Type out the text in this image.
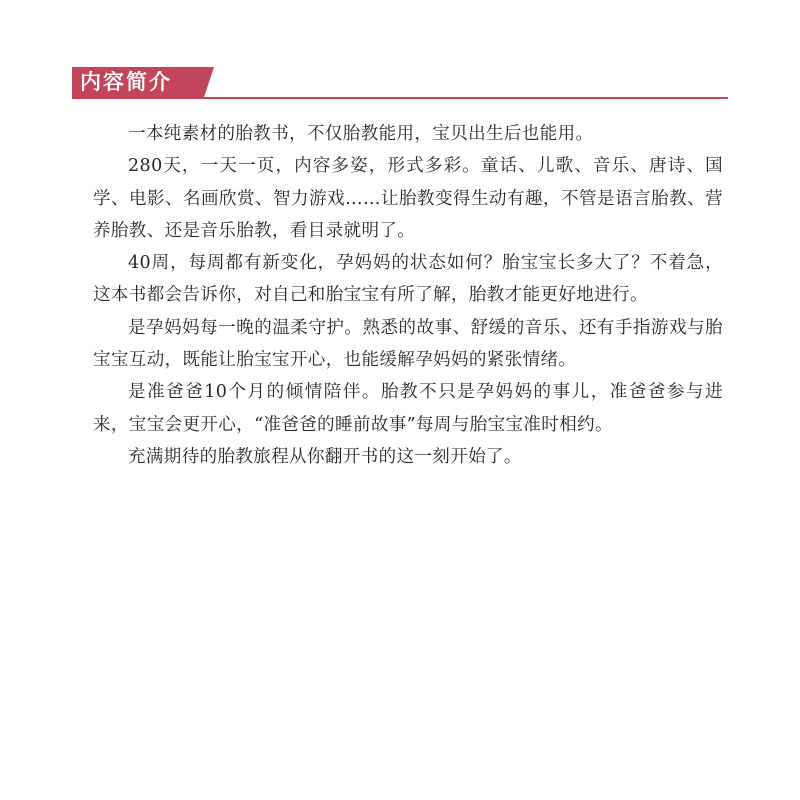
内容简介

一本纯素材的胎教书，不仅胎教能用，宝贝出生后也能用。

280天，一天一页，内容多姿，形式多彩。童话、儿歌、音乐、唐诗、国学、电影、名画欣赏、智力游戏……让胎教变得生动有趣，不管是语言胎教、营养胎教、还是音乐胎教，看目录就明了。

40周，每周都有新变化，孕妈妈的状态如何？胎宝宝长多大了？不着急，这本书都会告诉你，对自己和胎宝宝有所了解，胎教才能更好地进行。

是孕妈妈每一晚的温柔守护。熟悉的故事、舒缓的音乐、还有手指游戏与胎宝宝互动，既能让胎宝宝开心，也能缓解孕妈妈的紧张情绪。

是准爸爸10个月的倾情陪伴。胎教不只是孕妈妈的事儿，准爸爸参与进来，宝宝会更开心，“准爸爸的睡前故事”每周与胎宝宝准时相约。

充满期待的胎教旅程从你翻开书的这一刻开始了。
